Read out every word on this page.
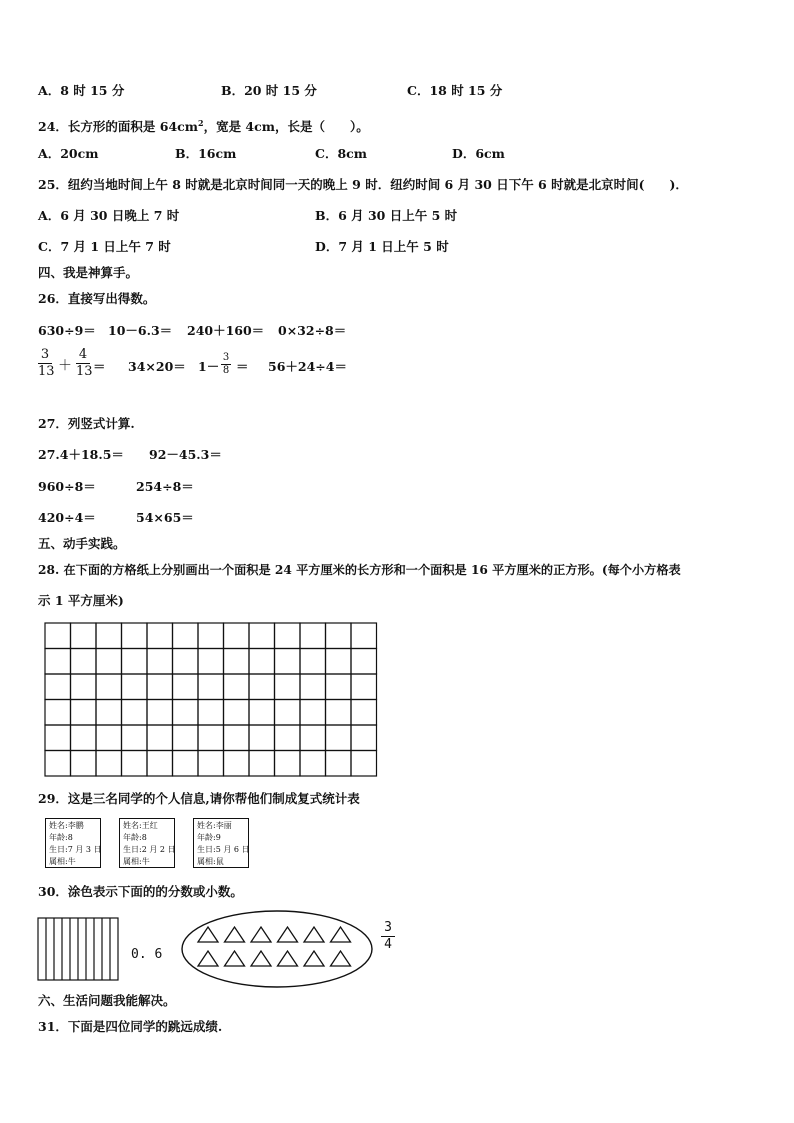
A．8 时 15 分	B．20 时 15 分	C．18 时 15 分
24．长方形的面积是 $64cm^2$，宽是 4cm，长是（　　）。
A．20cm	B．16cm	C．8cm	D．6cm
25．纽约当地时间上午 8 时就是北京时间同一天的晚上 9 时．纽约时间 6 月 30 日下午 6 时就是北京时间(　　)．
A．6 月 30 日晚上 7 时	B．6 月 30 日上午 5 时
C．7 月 1 日上午 7 时	D．7 月 1 日上午 5 时
四、我是神算手。
26．直接写出得数。
630÷9＝ 10－6.3＝ 240＋160＝ 0×32÷8＝
3
13 ＋
4
13 ＝ 34×20＝ 1－
3
8 ＝ 56＋24÷4＝
27．列竖式计算.
27.4＋18.5＝ 92－45.3＝
960÷8＝	254÷8＝
420÷4＝	54×65＝
五、动手实践。
28. 在下面的方格纸上分别画出一个面积是 24 平方厘米的长方形和一个面积是 16 平方厘米的正方形。(每个小方格表
示 1 平方厘米)
29．这是三名同学的个人信息,请你帮他们制成复式统计表
姓名:李鹏
年龄:8
生日:7 月 3 日
属相:牛
姓名:王红
年龄:8
生日:2 月 2 日
属相:牛
姓名:李丽
年龄:9
生日:5 月 6 日
属相:鼠
30．涂色表示下面的的分数或小数。
0. 6
3
4
六、生活问题我能解决。
31．下面是四位同学的跳远成绩.
